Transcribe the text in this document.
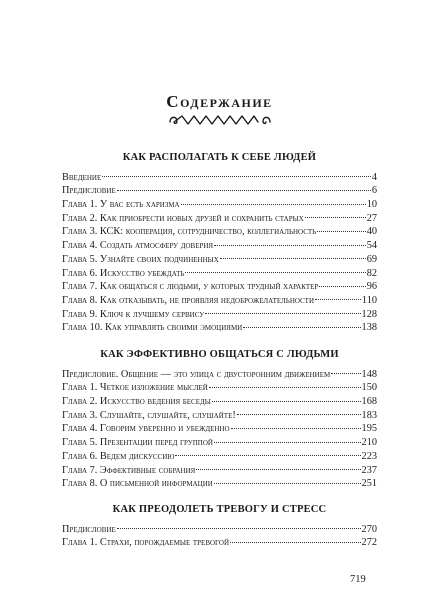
Содержание
КАК РАСПОЛАГАТЬ К СЕБЕ ЛЮДЕЙ
Введение	4
Предисловие	6
Глава 1. У вас есть харизма	10
Глава 2. Как приобрести новых друзей и сохранить старых	27
Глава 3. КСК: кооперация, сотрудничество, коллегиальность	40
Глава 4. Создать атмосферу доверия	54
Глава 5. Узнайте своих подчиненных	69
Глава 6. Искусство убеждать	82
Глава 7. Как общаться с людьми, у которых трудный характер	96
Глава 8. Как отказывать, не проявляя недоброжелательности	110
Глава 9. Ключ к лучшему сервису	128
Глава 10. Как управлять своими эмоциями	138
КАК ЭФФЕКТИВНО ОБЩАТЬСЯ С ЛЮДЬМИ
Предисловие. Общение — это улица с двусторонним движением	148
Глава 1. Четкое изложение мыслей	150
Глава 2. Искусство ведения беседы	168
Глава 3. Слушайте, слушайте, слушайте!	183
Глава 4. Говорим уверенно и убежденно	195
Глава 5. Презентации перед группой	210
Глава 6. Ведем дискуссию	223
Глава 7. Эффективные собрания	237
Глава 8. О письменной информации	251
КАК ПРЕОДОЛЕТЬ ТРЕВОГУ И СТРЕСС
Предисловие	270
Глава 1. Страхи, порождаемые тревогой	272

719
